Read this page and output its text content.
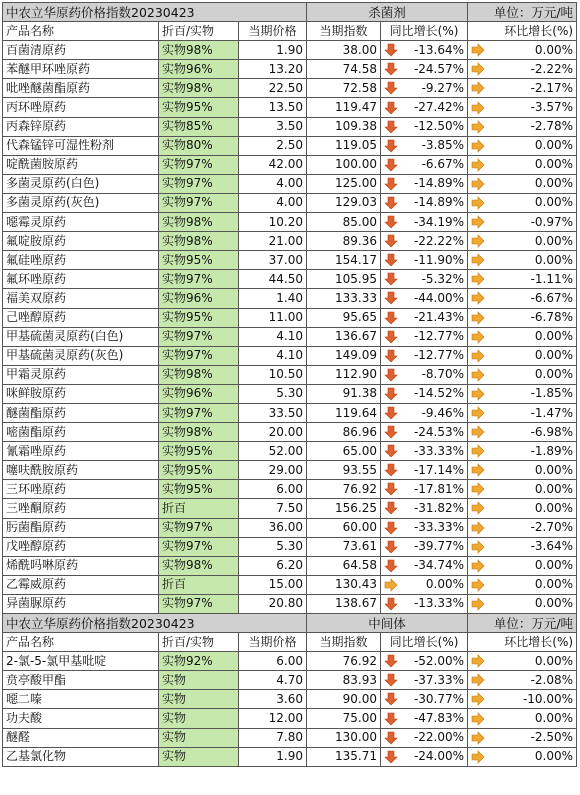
中农立华原药价格指数20230423			杀菌剂			单位：万元/吨	
产品名称	折百/实物	当期价格	当期指数	同比增长(%)		环比增长(%)	
百菌清原药	实物98%	1.90	38.00		-13.64%		0.00%
苯醚甲环唑原药	实物96%	13.20	74.58		-24.57%		-2.22%
吡唑醚菌酯原药	实物98%	22.50	72.58		-9.27%		-2.17%
丙环唑原药	实物95%	13.50	119.47		-27.42%		-3.57%
丙森锌原药	实物85%	3.50	109.38		-12.50%		-2.78%
代森锰锌可湿性粉剂	实物80%	2.50	119.05		-3.85%		0.00%
啶酰菌胺原药	实物97%	42.00	100.00		-6.67%		0.00%
多菌灵原药(白色)	实物97%	4.00	125.00		-14.89%		0.00%
多菌灵原药(灰色)	实物97%	4.00	129.03		-14.89%		0.00%
噁霉灵原药	实物98%	10.20	85.00		-34.19%		-0.97%
氟啶胺原药	实物98%	21.00	89.36		-22.22%		0.00%
氟硅唑原药	实物95%	37.00	154.17		-11.90%		0.00%
氟环唑原药	实物97%	44.50	105.95		-5.32%		-1.11%
福美双原药	实物96%	1.40	133.33		-44.00%		-6.67%
己唑醇原药	实物95%	11.00	95.65		-21.43%		-6.78%
甲基硫菌灵原药(白色)	实物97%	4.10	136.67		-12.77%		0.00%
甲基硫菌灵原药(灰色)	实物97%	4.10	149.09		-12.77%		0.00%
甲霜灵原药	实物98%	10.50	112.90		-8.70%		0.00%
咪鲜胺原药	实物96%	5.30	91.38		-14.52%		-1.85%
醚菌酯原药	实物97%	33.50	119.64		-9.46%		-1.47%
嘧菌酯原药	实物98%	20.00	86.96		-24.53%		-6.98%
氰霜唑原药	实物95%	52.00	65.00		-33.33%		-1.89%
噻呋酰胺原药	实物95%	29.00	93.55		-17.14%		0.00%
三环唑原药	实物95%	6.00	76.92		-17.81%		0.00%
三唑酮原药	折百	7.50	156.25		-31.82%		0.00%
肟菌酯原药	实物97%	36.00	60.00		-33.33%		-2.70%
戊唑醇原药	实物97%	5.30	73.61		-39.77%		-3.64%
烯酰吗啉原药	实物98%	6.20	64.58		-34.74%		0.00%
乙霉威原药	折百	15.00	130.43		0.00%		0.00%
异菌脲原药	实物97%	20.80	138.67		-13.33%		0.00%
中农立华原药价格指数20230423			中间体			单位：万元/吨	
产品名称	折百/实物	当期价格	当期指数	同比增长(%)		环比增长(%)	
2-氯-5-氯甲基吡啶	实物92%	6.00	76.92		-52.00%		0.00%
贲亭酸甲酯	实物	4.70	83.93		-37.33%		-2.08%
噁二嗪	实物	3.60	90.00		-30.77%		-10.00%
功夫酸	实物	12.00	75.00		-47.83%		0.00%
醚醛	实物	7.80	130.00		-22.00%		-2.50%
乙基氯化物	实物	1.90	135.71		-24.00%		0.00%
